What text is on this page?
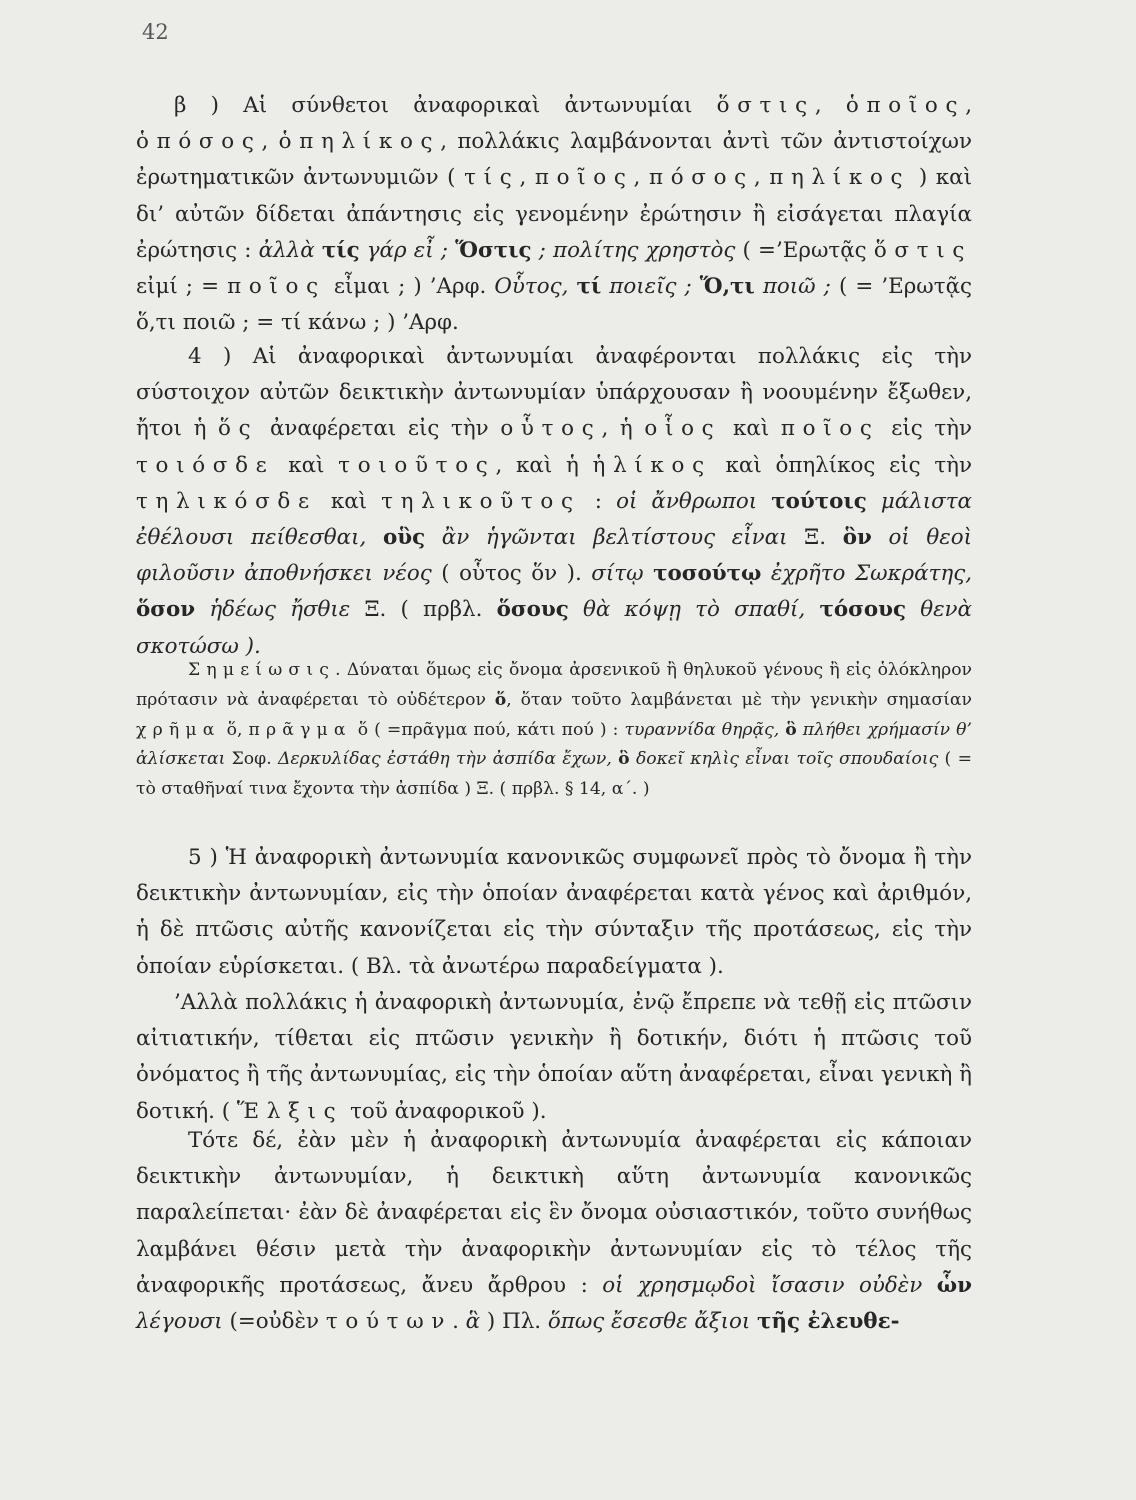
42

β ) Αἱ σύνθετοι ἀναφορικαὶ ἀντωνυμίαι ὅστις, ὁποῖος, ὁπόσος, ὁπηλίκος, πολλάκις λαμβάνονται ἀντὶ τῶν ἀντιστοίχων ἐρωτηματικῶν ἀντωνυμιῶν ( τίς, ποῖος, πόσος, πηλίκος ) καὶ δι’ αὐτῶν δίδεται ἀπάντησις εἰς γενομένην ἐρώτησιν ἢ εἰσάγεται πλαγία ἐρώτησις : ἀλλὰ τίς γάρ εἶ ; Ὅστις ; πολίτης χρηστὸς ( =’Ερωτᾷς ὅστις εἰμί ; = ποῖος εἶμαι ; ) ’Αρφ. Οὗτος, τί ποιεῖς ; Ὅ,τι ποιῶ ; ( = ’Ερωτᾷς ὅ,τι ποιῶ ; = τί κάνω ; ) ’Αρφ.

4 ) Αἱ ἀναφορικαὶ ἀντωνυμίαι ἀναφέρονται πολλάκις εἰς τὴν σύστοιχον αὐτῶν δεικτικὴν ἀντωνυμίαν ὑπάρχουσαν ἢ νοουμένην ἔξωθεν, ἤτοι ἡ ὅς ἀναφέρεται εἰς τὴν οὗτος, ἡ οἷος καὶ ποῖος εἰς τὴν τοιόσδε καὶ τοιοῦτος, καὶ ἡ ἡλίκος καὶ ὁπηλίκος εἰς τὴν τηλικόσδε καὶ τηλικοῦτος : οἱ ἄνθρωποι τούτοις μάλιστα ἐθέλουσι πείθεσθαι, οὓς ἂν ἡγῶνται βελτίστους εἶναι Ξ. ὃν οἱ θεοὶ φιλοῦσιν ἀποθνήσκει νέος ( οὗτος ὅν ). σίτῳ τοσούτῳ ἐχρῆτο Σωκράτης, ὅσον ἡδέως ἤσθιε Ξ. ( πρβλ. ὅσους θὰ κόψῃ τὸ σπαθί, τόσους θενὰ σκοτώσω ).

Σημείωσις. Δύναται ὅμως εἰς ὄνομα ἀρσενικοῦ ἢ θηλυκοῦ γένους ἢ εἰς ὁλόκληρον πρότασιν νὰ ἀναφέρεται τὸ οὐδέτερον ὅ, ὅταν τοῦτο λαμβάνεται μὲ τὴν γενικὴν σημασίαν χρῆμα ὅ, πρᾶγμα ὅ ( =πρᾶγμα πού, κάτι πού ) : τυραννίδα θηρᾷς, ὃ πλήθει χρήμασίν θ’ ἁλίσκεται Σοφ. Δερκυλίδας ἐστάθη τὴν ἀσπίδα ἔχων, ὃ δοκεῖ κηλὶς εἶναι τοῖς σπουδαίοις ( = τὸ σταθῆναί τινα ἔχοντα τὴν ἀσπίδα ) Ξ. ( πρβλ. § 14, α΄. )

5 ) Ἡ ἀναφορικὴ ἀντωνυμία κανονικῶς συμφωνεῖ πρὸς τὸ ὄνομα ἢ τὴν δεικτικὴν ἀντωνυμίαν, εἰς τὴν ὁποίαν ἀναφέρεται κατὰ γένος καὶ ἀριθμόν, ἡ δὲ πτῶσις αὐτῆς κανονίζεται εἰς τὴν σύνταξιν τῆς προτάσεως, εἰς τὴν ὁποίαν εὑρίσκεται. ( Βλ. τὰ ἀνωτέρω παραδείγματα ).

’Αλλὰ πολλάκις ἡ ἀναφορικὴ ἀντωνυμία, ἐνῷ ἔπρεπε νὰ τεθῇ εἰς πτῶσιν αἰτιατικήν, τίθεται εἰς πτῶσιν γενικὴν ἢ δοτικήν, διότι ἡ πτῶσις τοῦ ὀνόματος ἢ τῆς ἀντωνυμίας, εἰς τὴν ὁποίαν αὕτη ἀναφέρεται, εἶναι γενικὴ ἢ δοτική. ( Ἕλξις τοῦ ἀναφορικοῦ ).

Τότε δέ, ἐὰν μὲν ἡ ἀναφορικὴ ἀντωνυμία ἀναφέρεται εἰς κάποιαν δεικτικὴν ἀντωνυμίαν, ἡ δεικτικὴ αὕτη ἀντωνυμία κανονικῶς παραλείπεται· ἐὰν δὲ ἀναφέρεται εἰς ἓν ὄνομα οὐσιαστικόν, τοῦτο συνήθως λαμβάνει θέσιν μετὰ τὴν ἀναφορικὴν ἀντωνυμίαν εἰς τὸ τέλος τῆς ἀναφορικῆς προτάσεως, ἄνευ ἄρθρου : οἱ χρησμῳδοὶ ἴσασιν οὐδὲν ὧν λέγουσι (=οὐδὲν τούτων. ἃ ) Πλ. ὅπως ἔσεσθε ἄξιοι τῆς ἐλευθε-
